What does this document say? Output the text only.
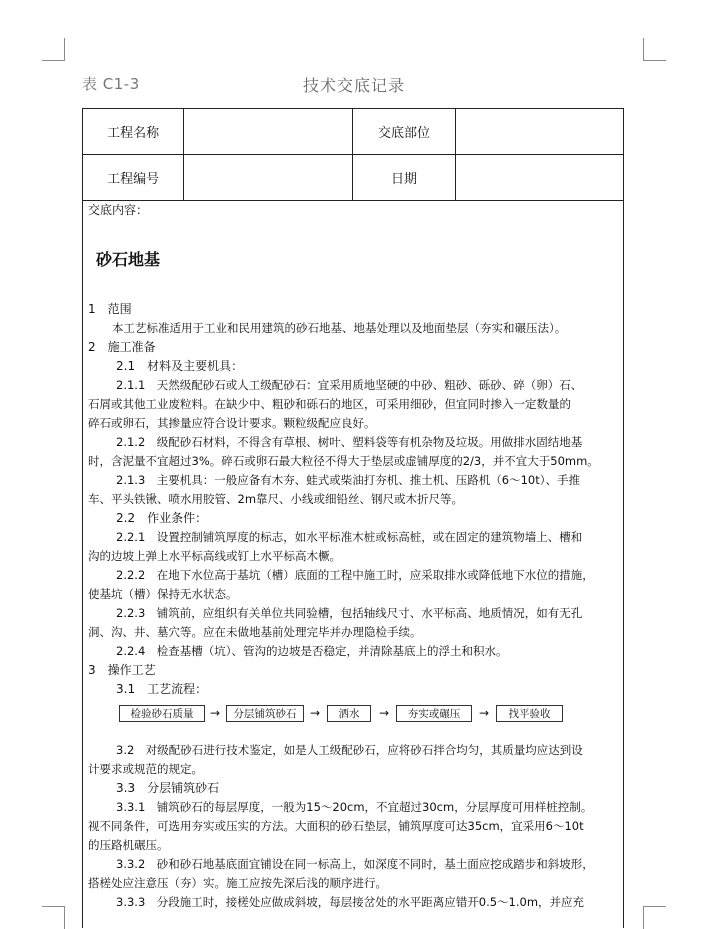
表 C1-3	技术交底记录
工程名称		交底部位	
工程编号		日期	

交底内容：

砂石地基

1　范围

本工艺标准适用于工业和民用建筑的砂石地基、地基处理以及地面垫层（夯实和碾压法）。

2　施工准备

2.1　材料及主要机具：

2.1.1　天然级配砂石或人工级配砂石：宜采用质地坚硬的中砂、粗砂、砾砂、碎（卵）石、

石屑或其他工业废粒料。在缺少中、粗砂和砾石的地区，可采用细砂，但宜同时掺入一定数量的

碎石或卵石，其掺量应符合设计要求。颗粒级配应良好。

2.1.2　级配砂石材料，不得含有草根、树叶、塑料袋等有机杂物及垃圾。用做排水固结地基

时，含泥量不宜超过3%。碎石或卵石最大粒径不得大于垫层或虚铺厚度的2/3，并不宜大于50mm。

2.1.3　主要机具：一般应备有木夯、蛙式或柴油打夯机、推土机、压路机（6～10t）、手推

车、平头铁锹、喷水用胶管、2m靠尺、小线或细铅丝、钢尺或木折尺等。

2.2　作业条件：

2.2.1　设置控制铺筑厚度的标志，如水平标准木桩或标高桩，或在固定的建筑物墙上、槽和

沟的边坡上弹上水平标高线或钉上水平标高木橛。

2.2.2　在地下水位高于基坑（槽）底面的工程中施工时，应采取排水或降低地下水位的措施，

使基坑（槽）保持无水状态。

2.2.3　铺筑前，应组织有关单位共同验槽，包括轴线尺寸、水平标高、地质情况，如有无孔

洞、沟、井、墓穴等。应在未做地基前处理完毕并办理隐检手续。

2.2.4　检查基槽（坑）、管沟的边坡是否稳定，并清除基底上的浮土和积水。

3　操作工艺

3.1　工艺流程：

检验砂石质量	→	分层铺筑砂石	→	洒水	→	夯实或碾压	→	找平验收

3.2　对级配砂石进行技术鉴定，如是人工级配砂石，应将砂石拌合均匀，其质量均应达到设

计要求或规范的规定。

3.3　分层铺筑砂石

3.3.1　铺筑砂石的每层厚度，一般为15～20cm，不宜超过30cm，分层厚度可用样桩控制。

视不同条件，可选用夯实或压实的方法。大面积的砂石垫层，铺筑厚度可达35cm，宜采用6～10t

的压路机碾压。

3.3.2　砂和砂石地基底面宜铺设在同一标高上，如深度不同时，基土面应挖成踏步和斜坡形，

搭槎处应注意压（夯）实。施工应按先深后浅的顺序进行。

3.3.3　分段施工时，接槎处应做成斜坡，每层接岔处的水平距离应错开0.5～1.0m，并应充
